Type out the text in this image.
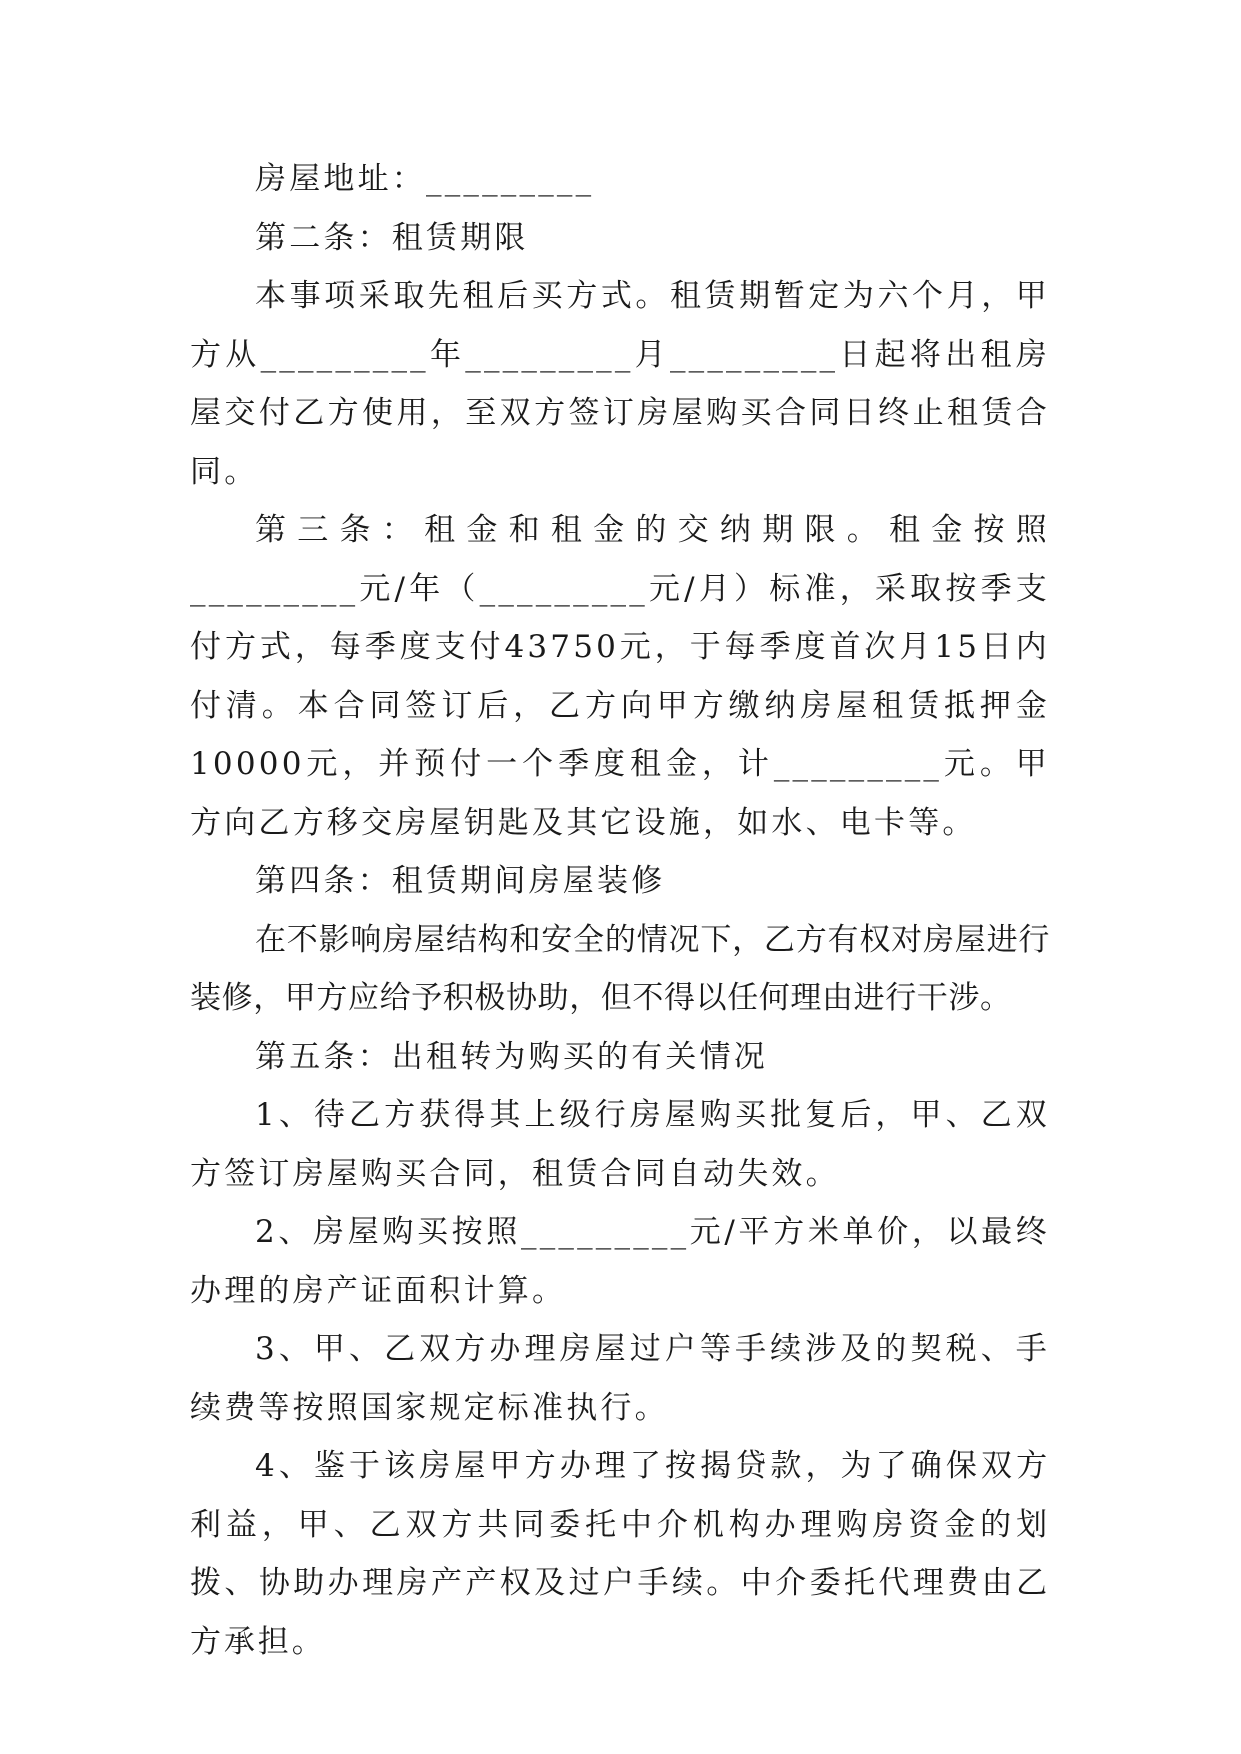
房屋地址：_________

第二条：租赁期限

本事项采取先租后买方式。租赁期暂定为六个月，甲方从_________年_________月_________日起将出租房屋交付乙方使用，至双方签订房屋购买合同日终止租赁合同。

第三条：租金和租金的交纳期限。租金按照_________元/年（_________元/月）标准，采取按季支付方式，每季度支付43750元，于每季度首次月15日内付清。本合同签订后，乙方向甲方缴纳房屋租赁抵押金10000元，并预付一个季度租金，计_________元。甲方向乙方移交房屋钥匙及其它设施，如水、电卡等。

第四条：租赁期间房屋装修

在不影响房屋结构和安全的情况下，乙方有权对房屋进行装修，甲方应给予积极协助，但不得以任何理由进行干涉。

第五条：出租转为购买的有关情况

1、待乙方获得其上级行房屋购买批复后，甲、乙双方签订房屋购买合同，租赁合同自动失效。

2、房屋购买按照_________元/平方米单价，以最终办理的房产证面积计算。

3、甲、乙双方办理房屋过户等手续涉及的契税、手续费等按照国家规定标准执行。

4、鉴于该房屋甲方办理了按揭贷款，为了确保双方利益，甲、乙双方共同委托中介机构办理购房资金的划拨、协助办理房产产权及过户手续。中介委托代理费由乙方承担。
